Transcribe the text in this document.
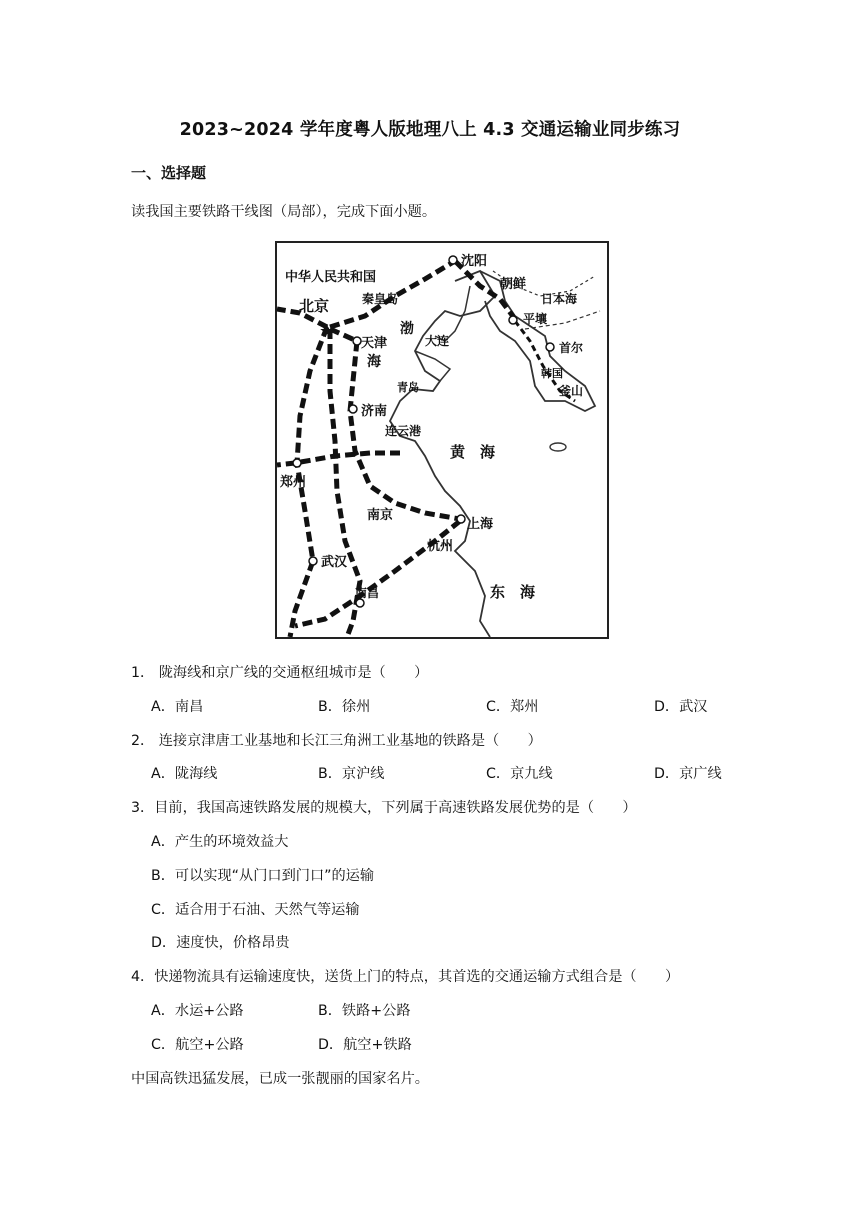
2023~2024 学年度粤人版地理八上 4.3 交通运输业同步练习
一、选择题
读我国主要铁路干线图（局部），完成下面小题。
★
中华人民共和国
北京	秦皇岛
沈阳
朝鲜
日本海
平壤
渤
海
天津	大连	首尔
韩国
釜山
青岛
济南
连云港
黄　海
郑州
南京
上海
杭州
武汉
南昌	东　海
1． 陇海线和京广线的交通枢纽城市是（　　）
A．南昌	B．徐州	C．郑州	D．武汉
2． 连接京津唐工业基地和长江三角洲工业基地的铁路是（　　）
A．陇海线	B．京沪线	C．京九线	D．京广线
3．目前，我国高速铁路发展的规模大，下列属于高速铁路发展优势的是（　　）
A．产生的环境效益大
B．可以实现“从门口到门口”的运输
C．适合用于石油、天然气等运输
D．速度快，价格昂贵
4．快递物流具有运输速度快，送货上门的特点，其首选的交通运输方式组合是（　　）
A．水运+公路	B．铁路+公路
C．航空+公路	D．航空+铁路
中国高铁迅猛发展，已成一张靓丽的国家名片。
